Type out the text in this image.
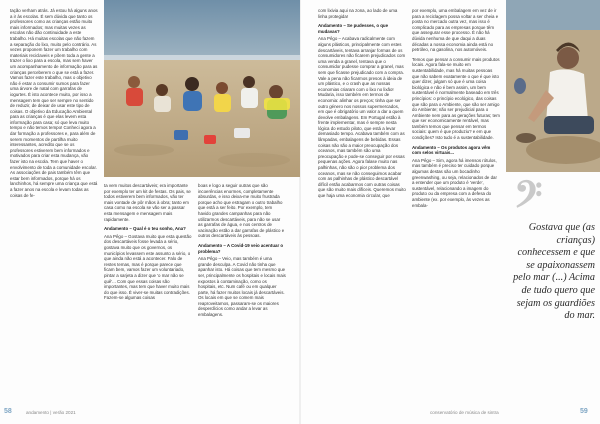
tação verham atrás. Já estou há alguns anos a ir às escolas. É sem dúvida que tanto os professores como as crianças estão muito mais informados; mas muitas vezes as escolas não dão continuidade a este trabalho. Há muitas escolas que não fazem a separação do lixo, muito pelo contrário. As vezes proponem fazer um trabalho com materiais reciclaveis e põem toda a gente a trazer o lixo para a escola, mas sem haver um acompanhamento de informação para as crianças perceberem o que se está a fazer. Vamos fazer este trabalho, mas o objetivo não é estar a consumir sumos para fazer uma árvore de natal com garrafas de iogurtes. É isto acontece muito, por isso a mensagem tem que ser sempre no sentido de reduzir, de deixar de usar este tipo de coisas. O objetivo da Educação Ambiental para as crianças é que elas levem esta informação para casa; só que leva muito tempo e não temos tempo! Conheci agora a dar formação a professores e, para além de serem momentos de partilha muito interessantes, acredito que se os professores estiverem bem informados e motivados para criar esta mudança, vão fazer isto na escola. Tem que haver o envolvimento de toda a comunidade escolar. As associações de pais também têm que estar bem informados, porque há os lanchinhos, há sempre uma criança que está a fazer anos na escola e levam todas as coisas de fe-

ta vem muitos descartáveis; era importante por exemplo ter um kit de festas. Os pais, se todos estiverem bem informados, vão ter mais vontade de pôr mãos à obra; tanto em casa como na escola se vão ser a passar esta mensagem e mensagem mais rapidamente.

Andamento – Qual é o teu sonho, Ana?

Ana Pêgo – Gostava muito que esta questão dos descartáveis fosse levada a sério, gostava muito que os governos, os municípios levassem este assunto a sério, o que ainda não está a acontecer. Falo de restes temas, mas é porque parece que ficam bem, vamos fazer um voluntariado, pintar a sarjeta a dizer que 'o mar não se quê'... Com que essas coisas são importantes, mas tem que haver muito mais do que isso. É viver-se muitas contradições. Fazem-se algumas coisas

boas e logo a seguir outras que são incoerências enormes, completamente absurdas, e isso deixa-me muito frustrada porque acho que estragam o outro trabalho que está a ser feito. Por exemplo, tem havido grandes campanhas para não utilizarmos descartáveis, para não se usar as garrafas de água, e nos centros de vacinação estão a dar garrafas de plástico e outros descartáveis às pessoas.

Andamento – A Covid-19 veio acentuar o problema?

Ana Pêgo – Veio, mas também é uma grande desculpa. A Covid não tinha que apanhar isto. Há coisas que tem mesmo que ser, principalmente os hospitais e locais mais expostos à contaminação, como os hospitais, etc. Num café ou em qualquer parte, há fazer muitos locais já descartáveis. Os locais em que se comem mais reaproveitamos, passaram-se os maiores desperdícios como andar a levar as embalagens.

com lixivia aqui na zona, ao lado de uma linha protegida!

Andamento – Se pudesses, o que mudavas?

Ana Pêgo – Acabava radicalmente com alguns plásticos, principalmente com estes descartáveis, tentava arranjar formas de os consumidores não ficarem prejudicados com uma venda a granel, tentava que o consumidor pudesse comprar a granel, mas sem que ficasse prejudicado com a compra. Vale a pena não ficarmos presos à ideia de um plástico, e o crash que as nossas economias criaram com o lixo no lixão! Mudaria, isso também em termos de economia: alinhar os preços; tinha que ser outro género nos nossos supermercados, em que é obrigatório um valor a dar a quem devolve embalagens. Em Portugal estão à frente implementar, mas é sempre nesta lógica do estudo piloto, que está a levar demasiado tempo. Acabava também com as lâmpadas, embalagens de bebidas. Essas coisas não são a maior preocupação dos oceanos, mas também são uma preocupação e pode-se conseguir por essas pequenas ações. Agora falase muito nas palhinhas, não são o pior problema dos oceanos, mas se não conseguimos acabar com as palhinhas de plástico descartável difícil então acabarmos com outras coisas que são muito mais difíceis. Queremos muito que haja uma economia circular, que

por exemplo, uma embalagem em vez de ir para a reciclagem possa voltar a ser cheia e posta no mercado outra vez, mas isso é complicado para as empresas porque têm que assegurar esse processo. É não há dúvida nenhuma de que daqui a duas décadas a nossa economia ainda está no petróleo, na gasolina, nos automóveis.

Temos que pensar a consumir mais produtos locais. Agora fala-se muito em sustentabilidade, mas há muitas pessoas que não sabem exatamente o que é que isto quer dizer, julgam só que é uma coisa biológica e não é bem assim, um bem sustentável é normalmente baseado em três princípios: o princípio ecológico, das coisas que são para o Ambiente, que são ser amigo do Ambiente; não ser prejudicial para o Ambiente nem para as gerações futuras; tem que ser economicamente rentável, mas também temos que pensar em termos sociais: quem é que produziu? e em que condições? Isto tudo é a sustentabilidade.

Andamento – Os produtos agora vêm com selos virtuais...

Ana Pêgo – Sim, agora há imensos rótulos, mas também é preciso ter cuidado porque algumas destas são um bocadinho greenwashing, ou seja, relacionados de dar a entender que um produto é 'verde', sustentável, relacionando a imagem do produto ou da empresa com a defesa do ambiente (ex. por exemplo, às vezes as embala-	𝄢
Gostava que (as crianças) conhecessem e que se apaixonassem pelo mar (...) Acima de tudo quero que sejam os guardiões do mar.
58	andamento | verão 2021	conservatório de música de sintra	59
